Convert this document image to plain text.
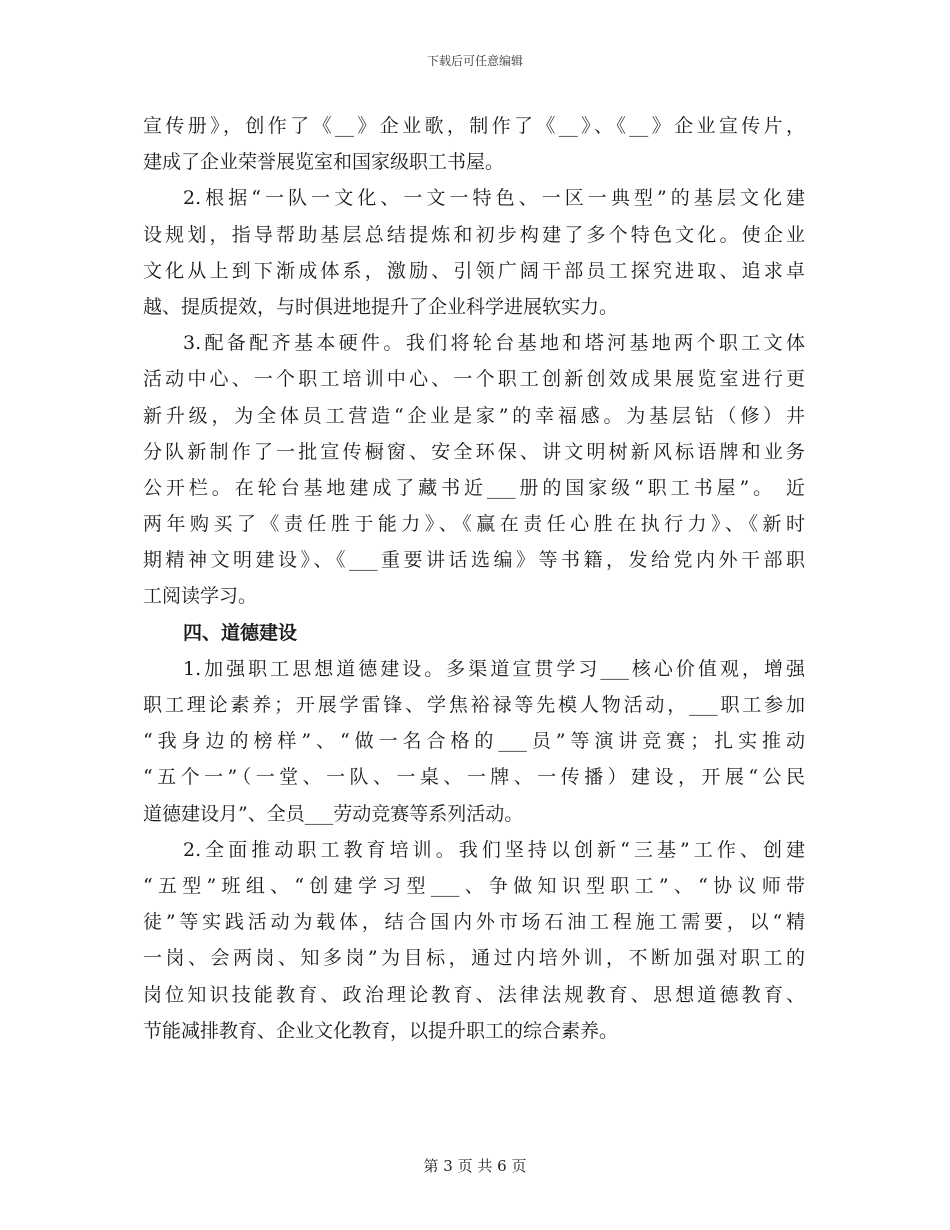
下载后可任意编辑
宣传册》，创作了《__》企业歌，制作了《__》、《__》企业宣传片，
建成了企业荣誉展览室和国家级职工书屋。
2.根据“一队一文化、一文一特色、一区一典型”的基层文化建
设规划，指导帮助基层总结提炼和初步构建了多个特色文化。使企业
文化从上到下渐成体系，激励、引领广阔干部员工探究进取、追求卓
越、提质提效，与时俱进地提升了企业科学进展软实力。
3.配备配齐基本硬件。我们将轮台基地和塔河基地两个职工文体
活动中心、一个职工培训中心、一个职工创新创效成果展览室进行更
新升级，为全体员工营造“企业是家”的幸福感。为基层钻（修）井
分队新制作了一批宣传橱窗、安全环保、讲文明树新风标语牌和业务
公开栏。在轮台基地建成了藏书近___册的国家级“职工书屋”。 近
两年购买了《责任胜于能力》、《赢在责任心胜在执行力》、《新时
期精神文明建设》、《___重要讲话选编》等书籍，发给党内外干部职
工阅读学习。
四、道德建设
1.加强职工思想道德建设。多渠道宣贯学习___核心价值观，增强
职工理论素养；开展学雷锋、学焦裕禄等先模人物活动，___职工参加
“我身边的榜样”、“做一名合格的___员”等演讲竞赛；扎实推动
“五个一”（一堂、一队、一桌、一牌、一传播）建设，开展“公民
道德建设月”、全员___劳动竞赛等系列活动。
2.全面推动职工教育培训。我们坚持以创新“三基”工作、创建
“五型”班组、“创建学习型___、争做知识型职工”、“协议师带
徒”等实践活动为载体，结合国内外市场石油工程施工需要，以“精
一岗、会两岗、知多岗”为目标，通过内培外训，不断加强对职工的
岗位知识技能教育、政治理论教育、法律法规教育、思想道德教育、
节能减排教育、企业文化教育，以提升职工的综合素养。
第 3 页 共 6 页
